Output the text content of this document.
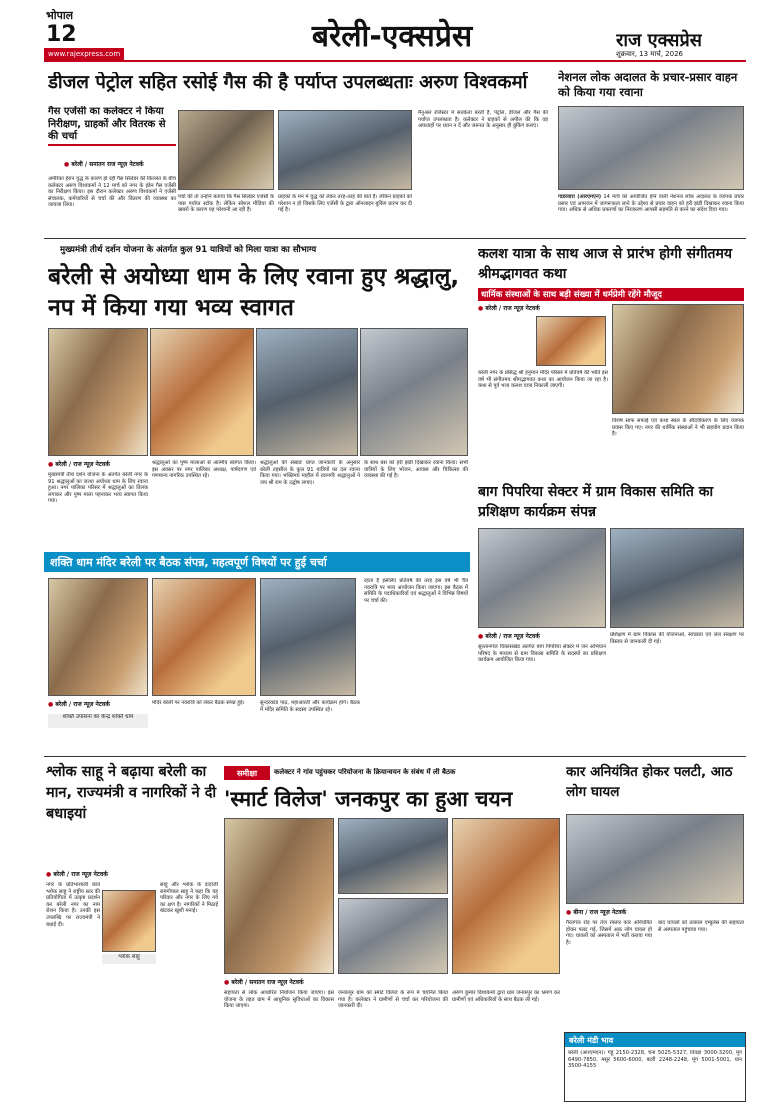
भोपाल
12
www.rajexpress.com	बरेली-एक्सप्रेस	राज एक्सप्रेस
शुक्रवार, 13 मार्च, 2026
डीजल पेट्रोल सहित रसोई गैस की है पर्याप्त उपलब्धताः अरुण विश्वकर्मा
गैस एजेंसी का कलेक्टर ने किया निरीक्षण, ग्राहकों और वितरक से की चर्चा
● बरेली / सनातन राज न्यूज़ नेटवर्क
अमेरिका ईरान युद्ध के कारण हो रही गैस सिलेंडर की किल्लत के बीच कलेक्टर अरुण विश्वकर्मा ने 12 मार्च को नगर के इंडेन गैस एजेंसी का निरीक्षण किया। इस दौरान कलेक्टर अरुण विश्वकर्मा ने एजेंसी संचालक, कर्मचारियों से चर्चा की और वितरण की व्यवस्था का जायजा लिया।
पर्चा की तो उन्होंने बताया कि गैस सिलेंडर एजेंसी के पास पर्याप्त स्टॉक है। लेकिन सोशल मीडिया की खबरों के कारण यह परेशानी आ रही है।
ग्राहकों के मन में युद्ध को लेकर तरह-तरह की बातें हैं। लेकिन ग्राहकों को परेशान न हो जिसके लिए एजेंसी के द्वारा ऑनलाइन बुकिंग प्रारंभ कर दी गई है।
मैनुअल रजिस्टर में सतर्कता बरती है, पेट्रोल, डीजल और गैस की पर्याप्त उपलब्धता है। कलेक्टर ने ग्राहकों से अपील की कि वह अफवाहों पर ध्यान न दें और जरूरत के अनुसार ही बुकिंग कराएं।
नेशनल लोक अदालत के प्रचार-प्रसार वाहन को किया गया रवाना
गाडरवारा (आरएमएन) 14 मार्च को आयोजित होने वाली नेशनल लोक अदालत के व्यापक प्रचार प्रसार एवं आमजन में जागरूकता लाने के उद्देश्य से प्रचार वाहन को हरी झंडी दिखाकर रवाना किया गया। अधिक से अधिक प्रकरणों का निराकरण आपसी सहमति से करने का संदेश दिया गया।
मुख्यमंत्री तीर्थ दर्शन योजना के अंतर्गत कुल 91 यात्रियों को मिला यात्रा का सौभाग्य
बरेली से अयोध्या धाम के लिए रवाना हुए श्रद्धालु, नप में किया गया भव्य स्वागत
● बरेली / राज न्यूज़ नेटवर्क
मुख्यमंत्री तीर्थ दर्शन योजना के अंतर्गत बरेली नगर के 91 श्रद्धालुओं का जत्था अयोध्या धाम के लिए रवाना हुआ। नगर पालिका परिसर में श्रद्धालुओं का तिलक लगाकर और पुष्प माला पहनाकर भव्य स्वागत किया गया।
श्रद्धालुओं का पुष्प मालाओं से आत्मीय स्वागत किया। इस अवसर पर नगर पालिका अध्यक्ष, पार्षदगण एवं गणमान्य नागरिक उपस्थित रहे।
श्रद्धालुओं की संख्याः प्राप्त जानकारी के अनुसार बरेली तहसील के कुल 91 यात्रियों का दल रवाना किया गया। भक्तिमय माहौल में रवानगीः श्रद्धालुओं ने जय श्री राम के उद्घोष लगाए।
के साथ बस को हरी झंडी दिखाकर रवाना किया। सभी यात्रियों के लिए भोजन, आवास और चिकित्सा की व्यवस्था की गई है।
कलश यात्रा के साथ आज से प्रारंभ होगी संगीतमय श्रीमद्भागवत कथा
धार्मिक संस्थाओं के साथ बड़ी संख्या में धर्मप्रेमी रहेंगे मौजूद
● बरेली / राज न्यूज़ नेटवर्क
बरेली नगर के प्रसिद्ध श्री हनुमान मंदिर परिसर में प्रतिवर्ष की भांति इस वर्ष भी संगीतमय श्रीमद्भागवत कथा का आयोजन किया जा रहा है। कथा से पूर्व भव्य कलश यात्रा निकाली जाएगी।
विशेष साफ सफाई एवं कथा स्थल के सौंदर्यीकरण के लिए व्यापक प्रयास किए गए। नगर की धार्मिक संस्थाओं ने भी सहयोग प्रदान किया है।
शक्ति धाम मंदिर बरेली पर बैठक संपन्न, महत्वपूर्ण विषयों पर हुई चर्चा
● बरेली / राज न्यूज़ नेटवर्क
शक्ति उपासना का केन्द्र शक्ति धाम
मंदिर बरेली पर नवरात्रि को लेकर बैठक संपन्न हुई।	सुन्दरकांड पाठ, महाआरती और कार्यक्रम होंगे। बैठक में मंदिर समिति के सदस्य उपस्थित रहे।
रहता है इसलिए प्रतिवर्ष की तरह इस वर्ष भी चैत्र नवरात्रि पर भव्य आयोजन किया जाएगा। इस बैठक में समिति के पदाधिकारियों एवं श्रद्धालुओं ने विभिन्न विषयों पर चर्चा की।
बाग पिपरिया सेक्टर में ग्राम विकास समिति का प्रशिक्षण कार्यक्रम संपन्न
● बरेली / राज न्यूज़ नेटवर्क
सुल्तानगंज विकासखंड अंतर्गत बाग पिपरिया सेक्टर में जन अभियान परिषद के माध्यम से ग्राम विकास समिति के सदस्यों का प्रशिक्षण कार्यक्रम आयोजित किया गया।
प्रशिक्षण में ग्राम विकास की योजनाओं, स्वच्छता एवं जल संरक्षण पर विस्तार से जानकारी दी गई।
श्लोक साहू ने बढ़ाया बरेली का मान, राज्यमंत्री व नागरिकों ने दी बधाइयां
● बरेली / राज न्यूज़ नेटवर्क
नगर के प्रतिभाशाली छात्र श्लोक साहू ने राष्ट्रीय स्तर की प्रतियोगिता में उत्कृष्ट प्रदर्शन कर बरेली नगर का नाम रोशन किया है। उनकी इस उपलब्धि पर राज्यमंत्री ने बधाई दी।
श्लोक साहू
साहू और श्लोक के दादाजी रामगोपाल साहू ने कहा कि यह परिवार और नगर के लिए गर्व का क्षण है। नागरिकों ने मिठाई बांटकर खुशी मनाई।
समीक्षा	कलेक्टर ने गांव पहुंचकर परियोजना के क्रियान्वयन के संबंध में ली बैठक
'स्मार्ट विलेज' जनकपुर का हुआ चयन
● बरेली / सनातन राज न्यूज़ नेटवर्क
सहायता से लोक आधारित नियोजन किया जाएगा। इस योजना के तहत ग्राम में आधुनिक सुविधाओं का विकास किया जाएगा।
जनकपुर ग्राम को स्मार्ट विलेज के रूप में चयनित किया गया है। कलेक्टर ने ग्रामीणों से चर्चा कर परियोजना की जानकारी दी।
अरुण कुमार विश्वकर्मा द्वारा ग्राम जनकपुर का भ्रमण कर ग्रामीणों एवं अधिकारियों के साथ बैठक ली गई।
कार अनियंत्रित होकर पलटी, आठ लोग घायल
● बीना / राज न्यूज़ नेटवर्क
गैरतगंज रोड पर तेज रफ्तार कार अनियंत्रित होकर पलट गई, जिसमें आठ लोग घायल हो गए। घायलों को अस्पताल में भर्ती कराया गया है।
बाद घायलों को तत्काल एम्बुलेंस की सहायता से अस्पताल पहुंचाया गया।
बरेली मंडी भाव
बरेली (आरएमएन)। गेहूं 2150-2328, चना 5025-5327, तिवड़ा 3000-3200, मूंग 6490-7850, मसूर 5600-6000, बटरी 2248-2248, मूंग 5001-5001, धान 3500-4155
